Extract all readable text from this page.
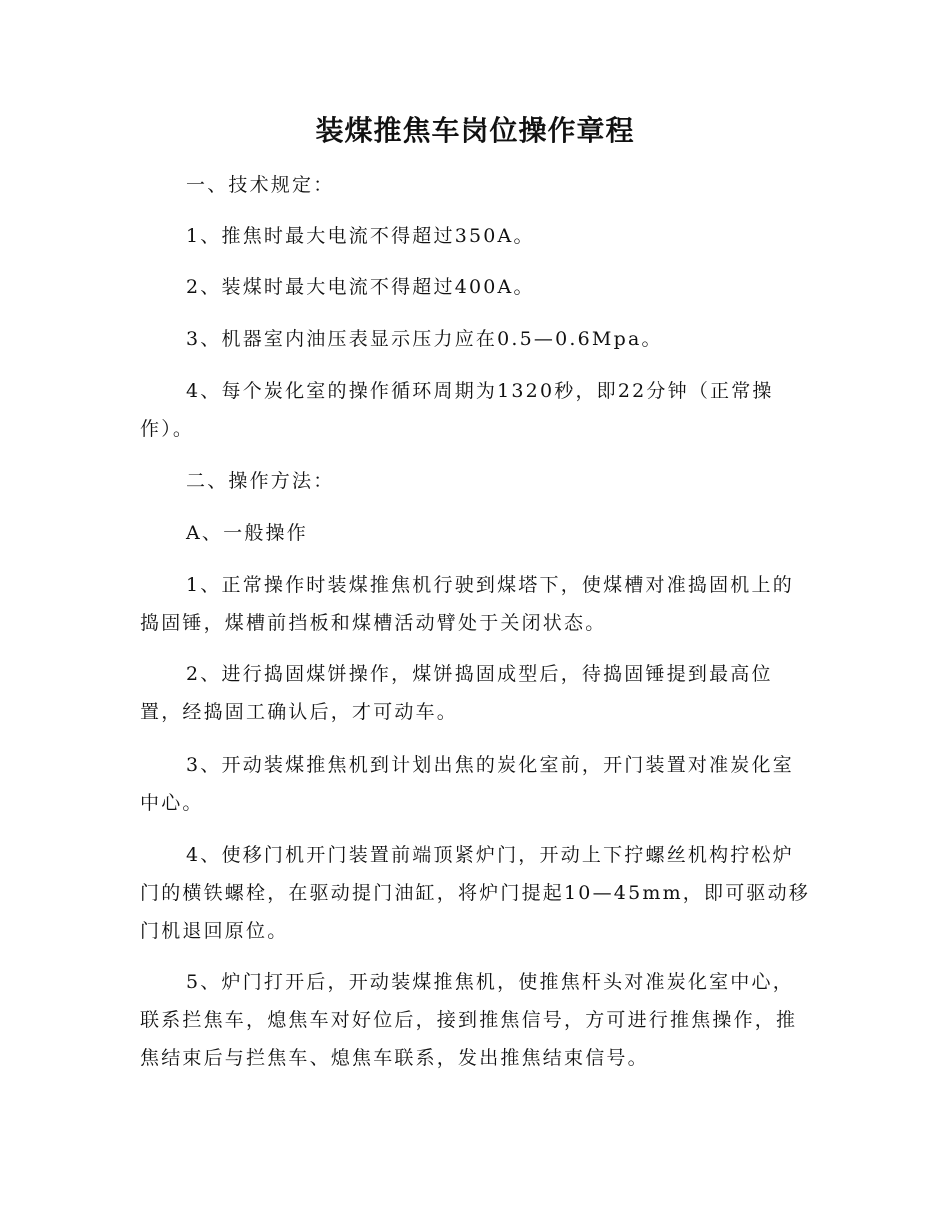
装煤推焦车岗位操作章程

一、技术规定：

1、推焦时最大电流不得超过350A。

2、装煤时最大电流不得超过400A。

3、机器室内油压表显示压力应在0.5—0.6Mpa。

4、每个炭化室的操作循环周期为1320秒，即22分钟（正常操作）。

二、操作方法：

A、一般操作

1、正常操作时装煤推焦机行驶到煤塔下，使煤槽对准捣固机上的捣固锤，煤槽前挡板和煤槽活动臂处于关闭状态。

2、进行捣固煤饼操作，煤饼捣固成型后，待捣固锤提到最高位置，经捣固工确认后，才可动车。

3、开动装煤推焦机到计划出焦的炭化室前，开门装置对准炭化室中心。

4、使移门机开门装置前端顶紧炉门，开动上下拧螺丝机构拧松炉门的横铁螺栓，在驱动提门油缸，将炉门提起10—45mm，即可驱动移门机退回原位。

5、炉门打开后，开动装煤推焦机，使推焦杆头对准炭化室中心，联系拦焦车，熄焦车对好位后，接到推焦信号，方可进行推焦操作，推焦结束后与拦焦车、熄焦车联系，发出推焦结束信号。
